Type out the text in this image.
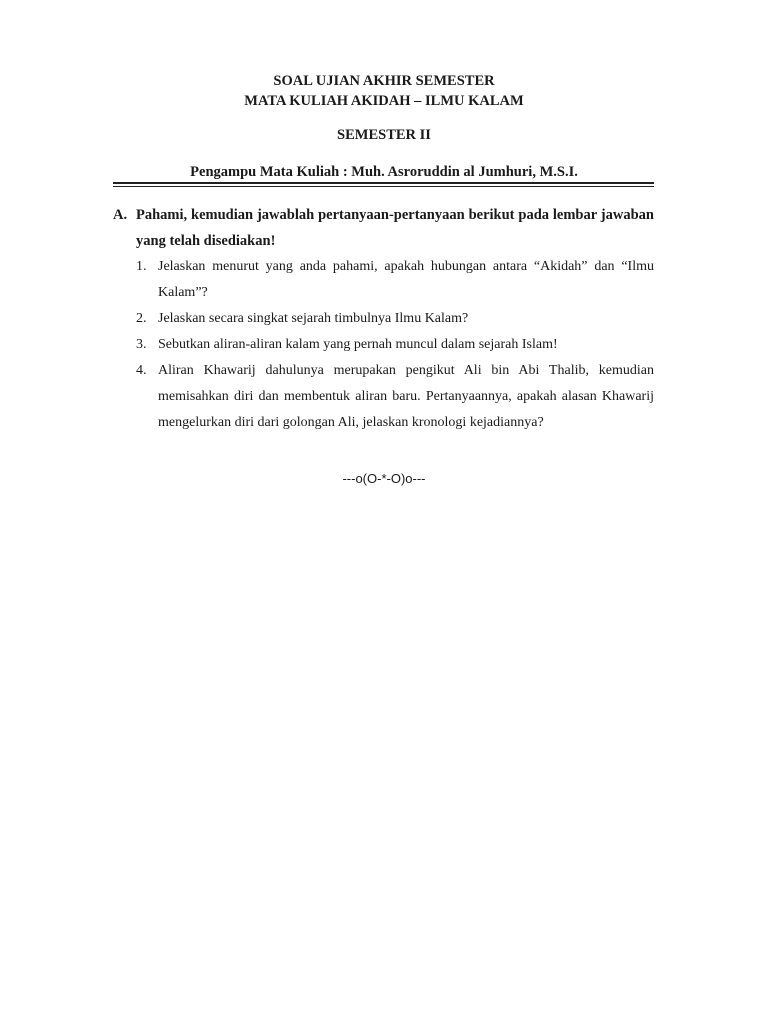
SOAL UJIAN AKHIR SEMESTER
MATA KULIAH AKIDAH – ILMU KALAM
SEMESTER II
Pengampu Mata Kuliah : Muh. Asroruddin al Jumhuri, M.S.I.
A. Pahami, kemudian jawablah pertanyaan-pertanyaan berikut pada lembar jawaban yang telah disediakan!
1. Jelaskan menurut yang anda pahami, apakah hubungan antara “Akidah” dan “Ilmu Kalam”?
2. Jelaskan secara singkat sejarah timbulnya Ilmu Kalam?
3. Sebutkan aliran-aliran kalam yang pernah muncul dalam sejarah Islam!
4. Aliran Khawarij dahulunya merupakan pengikut Ali bin Abi Thalib, kemudian memisahkan diri dan membentuk aliran baru. Pertanyaannya, apakah alasan Khawarij mengelurkan diri dari golongan Ali, jelaskan kronologi kejadiannya?
---o(O-*-O)o---
